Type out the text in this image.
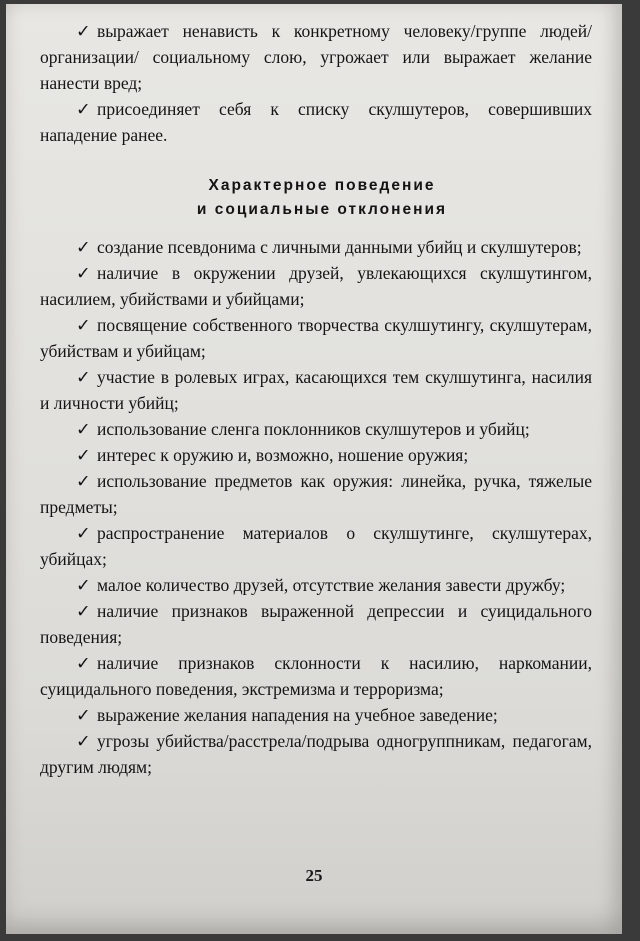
✓ выражает ненависть к конкретному человеку/группе людей/организации/ социальному слою, угрожает или выражает желание нанести вред;

✓ присоединяет себя к списку скулшутеров, совершивших нападение ранее.

Характерное поведение
и социальные отклонения

✓ создание псевдонима с личными данными убийц и скулшутеров;

✓ наличие в окружении друзей, увлекающихся скулшутингом, насилием, убийствами и убийцами;

✓ посвящение собственного творчества скулшутингу, скулшутерам, убийствам и убийцам;

✓ участие в ролевых играх, касающихся тем скулшутинга, насилия и личности убийц;

✓ использование сленга поклонников скулшутеров и убийц;

✓ интерес к оружию и, возможно, ношение оружия;

✓ использование предметов как оружия: линейка, ручка, тяжелые предметы;

✓ распространение материалов о скулшутинге, скулшутерах, убийцах;

✓ малое количество друзей, отсутствие желания завести дружбу;

✓ наличие признаков выраженной депрессии и суицидального поведения;

✓ наличие признаков склонности к насилию, наркомании, суицидального поведения, экстремизма и терроризма;

✓ выражение желания нападения на учебное заведение;

✓ угрозы убийства/расстрела/подрыва одногруппникам, педагогам, другим людям;

25
